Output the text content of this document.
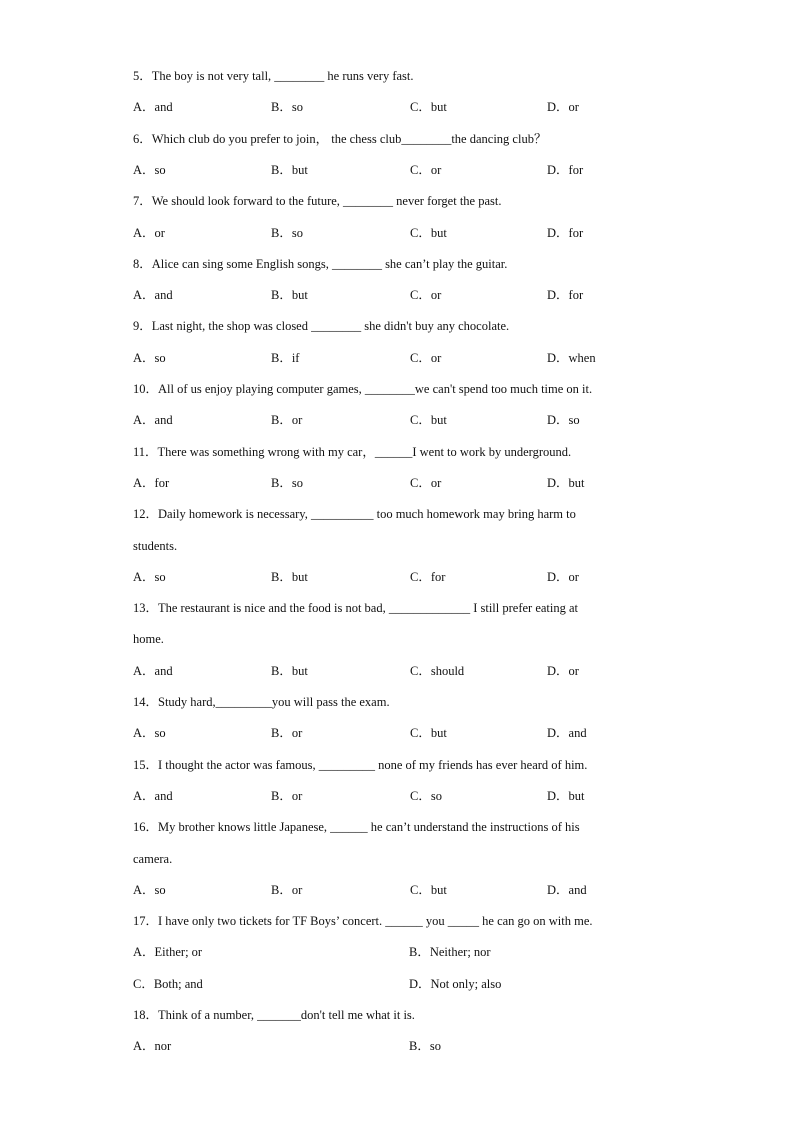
5．The boy is not very tall, ________ he runs very fast.
A．and	B．so	C．but	D．or
6．Which club do you prefer to join， the chess club________the dancing club？
A．so	B．but	C．or	D．for
7．We should look forward to the future, ________ never forget the past.
A．or	B．so	C．but	D．for
8．Alice can sing some English songs, ________ she can’t play the guitar.
A．and	B．but	C．or	D．for
9．Last night, the shop was closed ________ she didn't buy any chocolate.
A．so	B．if	C．or	D．when
10．All of us enjoy playing computer games, ________we can't spend too much time on it.
A．and	B．or	C．but	D．so
11．There was something wrong with my car，______I went to work by underground.
A．for	B．so	C．or	D．but
12．Daily homework is necessary, __________ too much homework may bring harm to
students.
A．so	B．but	C．for	D．or
13．The restaurant is nice and the food is not bad, _____________ I still prefer eating at
home.
A．and	B．but	C．should	D．or
14．Study hard,_________you will pass the exam.
A．so	B．or	C．but	D．and
15．I thought the actor was famous, _________ none of my friends has ever heard of him.
A．and	B．or	C．so	D．but
16．My brother knows little Japanese, ______ he can’t understand the instructions of his
camera.
A．so	B．or	C．but	D．and
17．I have only two tickets for TF Boys’ concert. ______ you _____ he can go on with me.
A．Either; or	B．Neither; nor
C．Both; and	D．Not only; also
18．Think of a number, _______don't tell me what it is.
A．nor	B．so
